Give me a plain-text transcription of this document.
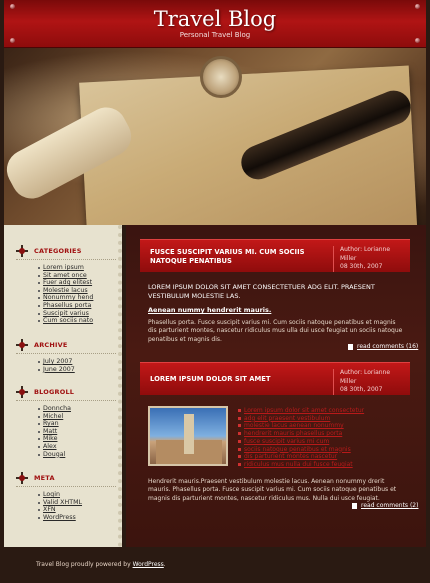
Travel Blog
Personal Travel Blog
CATEGORIES
Lorem ipsum
Sit amet once
Fuer adg elitest
Molestie lacus
Nonummy hend
Phasellus porta
Suscipit varius
Cum sociis nato
ARCHIVE
July 2007
June 2007
BLOGROLL
Donncha
Michel
Ryan
Matt
Mike
Alex
Dougal
META
Login
Valid XHTML
XFN
WordPress
FUSCE SUSCIPIT VARIUS MI. CUM SOCIIS NATOQUE PENATIBUS
Author: Lorianne Miller
08 30th, 2007
LOREM IPSUM DOLOR SIT AMET CONSECTETUER ADG ELIT. PRAESENT VESTIBULUM MOLESTIE LAS.
Aenean nummy hendrerit mauris.
Phasellus porta. Fusce suscipit varius mi. Cum sociis natoque penatibus et magnis dis parturient montes, nascetur ridiculus mus ulla dui usce feugiat un sociis natoque penatibus et magnis dis.
read comments (16)
LOREM IPSUM DOLOR SIT AMET
Author: Lorianne Miller
08 30th, 2007
Lorem ipsum dolor sit amet consectetur
adg elit praesent vestibulum
molestie lacus aenean nonummy
hendrerit mauris phasellus porta
fusce suscipit varius mi cum
sociis natoque penatibus et magnis
dis parturient montes nascetur
ridiculus mus nulla dui fusce feugiat
Hendrerit mauris.Praesent vestibulum molestie lacus. Aenean nonummy drerit mauris. Phasellus porta. Fusce suscipit varius mi. Cum sociis natoque penatibus et magnis dis parturient montes, nascetur ridiculus mus. Nulla dui usce feugiat.
read comments (2)
Travel Blog proudly powered by WordPress.
